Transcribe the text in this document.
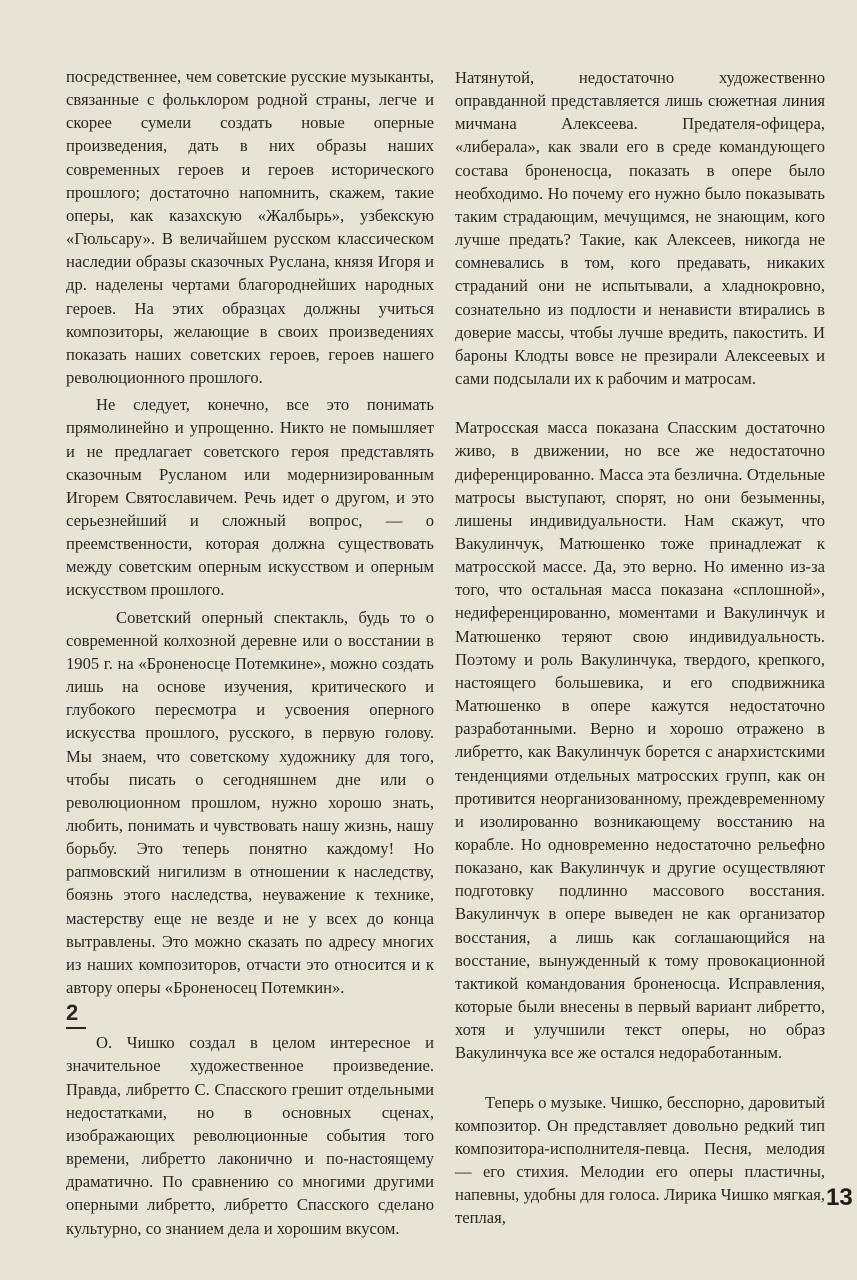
посредственнее, чем советские русские музыканты, связанные с фольклором родной страны, легче и скорее сумели создать новые оперные произведения, дать в них образы наших современных героев и героев исторического прошлого; достаточно напомнить, скажем, такие оперы, как казахскую «Жалбырь», узбекскую «Гюльсару». В величайшем русском классическом наследии образы сказочных Руслана, князя Игоря и др. наделены чертами благороднейших народных героев. На этих образцах должны учиться композиторы, желающие в своих произведениях показать наших советских героев, героев нашего революционного прошлого.

Не следует, конечно, все это понимать прямолинейно и упрощенно. Никто не помышляет и не предлагает советского героя представлять сказочным Русланом или модернизированным Игорем Святославичем. Речь идет о другом, и это серьезнейший и сложный вопрос, — о преемственности, которая должна существовать между советским оперным искусством и оперным искусством прошлого.

Советский оперный спектакль, будь то о современной колхозной деревне или о восстании в 1905 г. на «Броненосце Потемкине», можно создать лишь на основе изучения, критического и глубокого пересмотра и усвоения оперного искусства прошлого, русского, в первую голову. Мы знаем, что советскому художнику для того, чтобы писать о сегодняшнем дне или о революционном прошлом, нужно хорошо знать, любить, понимать и чувствовать нашу жизнь, нашу борьбу. Это теперь понятно каждому! Но рапмовский нигилизм в отношении к наследству, боязнь этого наследства, неуважение к технике, мастерству еще не везде и не у всех до конца вытравлены. Это можно сказать по адресу многих из наших композиторов, отчасти это относится и к автору оперы «Броненосец Потемкин».

2

О. Чишко создал в целом интересное и значительное художественное произведение. Правда, либретто С. Спасского грешит отдельными недостатками, но в основных сценах, изображающих революционные события того времени, либретто лаконично и по-настоящему драматично. По сравнению со многими другими оперными либретто, либретто Спасского сделано культурно, со знанием дела и хорошим вкусом.

Натянутой, недостаточно художественно оправданной представляется лишь сюжетная линия мичмана Алексеева. Предателя-офицера, «либерала», как звали его в среде командующего состава броненосца, показать в опере было необходимо. Но почему его нужно было показывать таким страдающим, мечущимся, не знающим, кого лучше предать? Такие, как Алексеев, никогда не сомневались в том, кого предавать, никаких страданий они не испытывали, а хладнокровно, сознательно из подлости и ненависти втирались в доверие массы, чтобы лучше вредить, пакостить. И бароны Клодты вовсе не презирали Алексеевых и сами подсылали их к рабочим и матросам.

Матросская масса показана Спасским достаточно живо, в движении, но все же недостаточно диференцированно. Масса эта безлична. Отдельные матросы выступают, спорят, но они безыменны, лишены индивидуальности. Нам скажут, что Вакулинчук, Матюшенко тоже принадлежат к матросской массе. Да, это верно. Но именно из-за того, что остальная масса показана «сплошной», недиференцированно, моментами и Вакулинчук и Матюшенко теряют свою индивидуальность. Поэтому и роль Вакулинчука, твердого, крепкого, настоящего большевика, и его сподвижника Матюшенко в опере кажутся недостаточно разработанными. Верно и хорошо отражено в либретто, как Вакулинчук борется с анархистскими тенденциями отдельных матросских групп, как он противится неорганизованному, преждевременному и изолированно возникающему восстанию на корабле. Но одновременно недостаточно рельефно показано, как Вакулинчук и другие осуществляют подготовку подлинно массового восстания. Вакулинчук в опере выведен не как организатор восстания, а лишь как соглашающийся на восстание, вынужденный к тому провокационной тактикой командования броненосца. Исправления, которые были внесены в первый вариант либретто, хотя и улучшили текст оперы, но образ Вакулинчука все же остался недоработанным.

Теперь о музыке. Чишко, бесспорно, даровитый композитор. Он представляет довольно редкий тип композитора-исполнителя-певца. Песня, мелодия — его стихия. Мелодии его оперы пластичны, напевны, удобны для голоса. Лирика Чишко мягкая, теплая,

13
